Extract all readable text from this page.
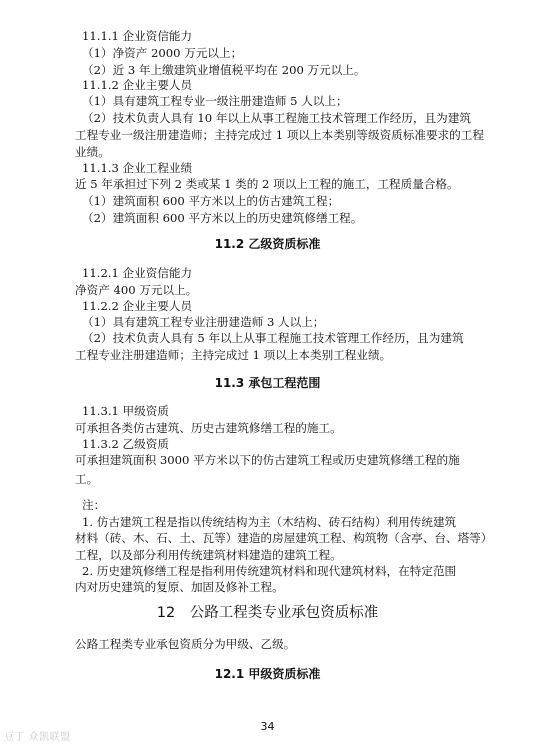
11.1.1 企业资信能力
（1）净资产 2000 万元以上；
（2）近 3 年上缴建筑业增值税平均在 200 万元以上。
11.1.2 企业主要人员
（1）具有建筑工程专业一级注册建造师 5 人以上；
（2）技术负责人具有 10 年以上从事工程施工技术管理工作经历，且为建筑
工程专业一级注册建造师；主持完成过 1 项以上本类别等级资质标准要求的工程
业绩。
11.1.3 企业工程业绩
近 5 年承担过下列 2 类或某 1 类的 2 项以上工程的施工，工程质量合格。
（1）建筑面积 600 平方米以上的仿古建筑工程；
（2）建筑面积 600 平方米以上的历史建筑修缮工程。
11.2 乙级资质标准
11.2.1 企业资信能力
净资产 400 万元以上。
11.2.2 企业主要人员
（1）具有建筑工程专业注册建造师 3 人以上；
（2）技术负责人具有 5 年以上从事工程施工技术管理工作经历，且为建筑
工程专业注册建造师；主持完成过 1 项以上本类别工程业绩。
11.3 承包工程范围
11.3.1 甲级资质
可承担各类仿古建筑、历史古建筑修缮工程的施工。
11.3.2 乙级资质
可承担建筑面积 3000 平方米以下的仿古建筑工程或历史建筑修缮工程的施
工。
注：
1. 仿古建筑工程是指以传统结构为主（木结构、砖石结构）利用传统建筑
材料（砖、木、石、土、瓦等）建造的房屋建筑工程、构筑物（含亭、台、塔等）
工程，以及部分利用传统建筑材料建造的建筑工程。
2. 历史建筑修缮工程是指利用传统建筑材料和现代建筑材料，在特定范围
内对历史建筑的复原、加固及修补工程。
12　公路工程类专业承包资质标准
公路工程类专业承包资质分为甲级、乙级。
12.1 甲级资质标准
34
豆丁 众凯联盟
